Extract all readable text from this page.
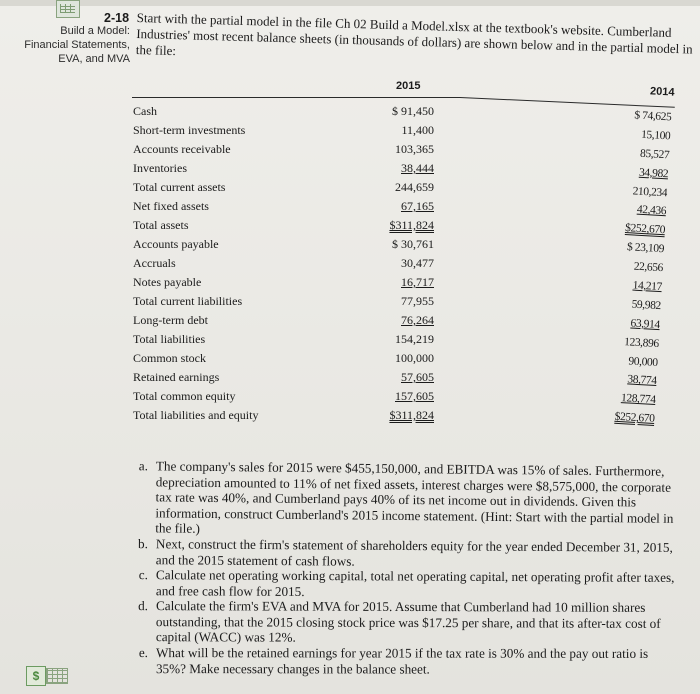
2-18
Build a Model:
Financial Statements,
EVA, and MVA
Start with the partial model in the file Ch 02 Build a Model.xlsx at the textbook's website. Cumberland Industries' most recent balance sheets (in thousands of dollars) are shown below and in the partial model in the file:
2015	2014
Cash
Short-term investments
Accounts receivable
Inventories
Total current assets
Net fixed assets
Total assets
Accounts payable
Accruals
Notes payable
Total current liabilities
Long-term debt
Total liabilities
Common stock
Retained earnings
Total common equity
Total liabilities and equity
$ 91,450
11,400
103,365
38,444
244,659
67,165
$311,824
$ 30,761
30,477
16,717
77,955
76,264
154,219
100,000
57,605
157,605
$311,824
$ 74,625
15,100
85,527
34,982
210,234
42,436
$252,670
$ 23,109
22,656
14,217
59,982
63,914
123,896
90,000
38,774
128,774
$252,670
a. The company's sales for 2015 were $455,150,000, and EBITDA was 15% of sales. Furthermore, depreciation amounted to 11% of net fixed assets, interest charges were $8,575,000, the corporate tax rate was 40%, and Cumberland pays 40% of its net income out in dividends. Given this information, construct Cumberland's 2015 income statement. (Hint: Start with the partial model in the file.)
b. Next, construct the firm's statement of shareholders equity for the year ended December 31, 2015, and the 2015 statement of cash flows.
c. Calculate net operating working capital, total net operating capital, net operating profit after taxes, and free cash flow for 2015.
d. Calculate the firm's EVA and MVA for 2015. Assume that Cumberland had 10 million shares outstanding, that the 2015 closing stock price was $17.25 per share, and that its after-tax cost of capital (WACC) was 12%.
e. What will be the retained earnings for year 2015 if the tax rate is 30% and the pay out ratio is 35%? Make necessary changes in the balance sheet.
$
